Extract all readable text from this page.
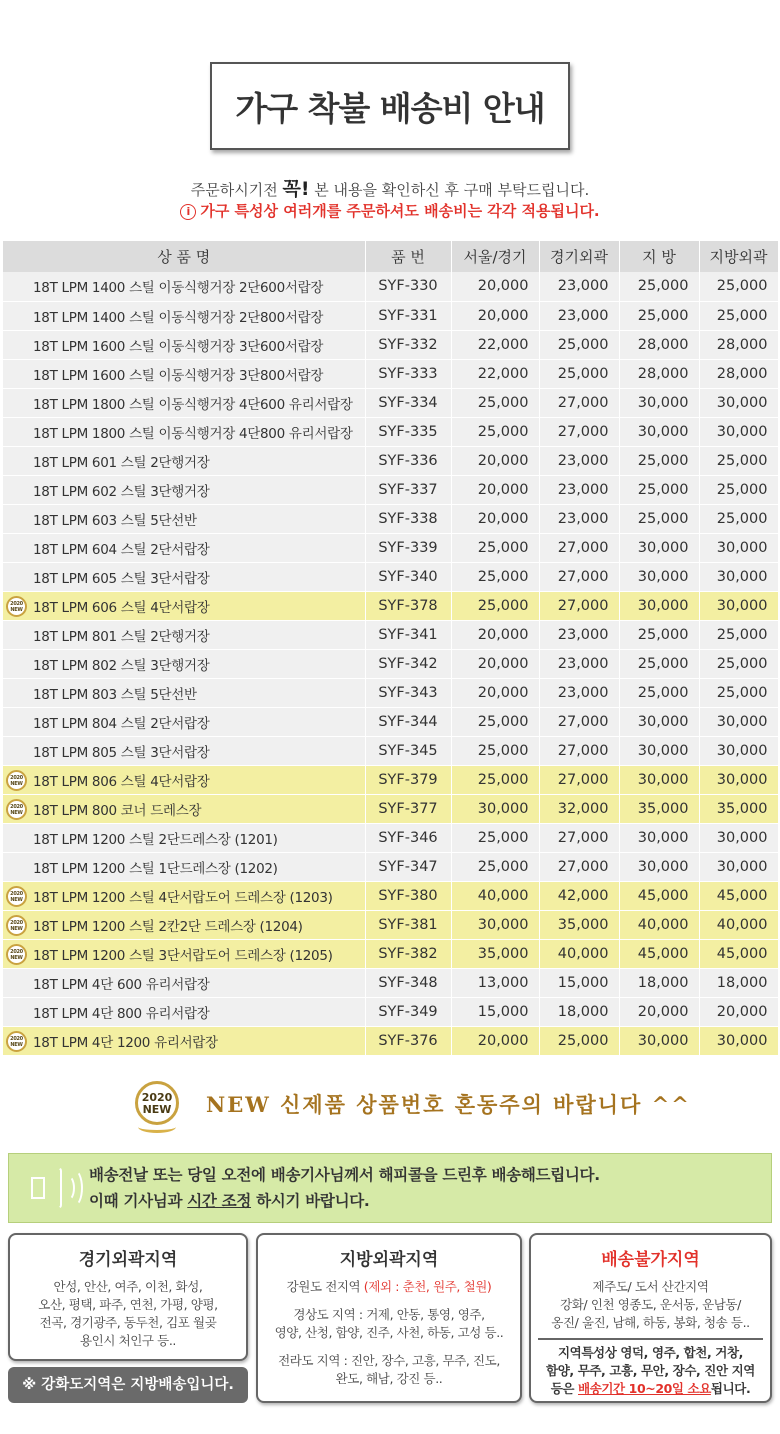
가구 착불 배송비 안내
주문하시기전 꼭! 본 내용을 확인하신 후 구매 부탁드립니다.
i 가구 특성상 여러개를 주문하셔도 배송비는 각각 적용됩니다.
상 품 명	품 번	서울/경기	경기외곽	지 방	지방외곽
18T LPM 1400 스틸 이동식행거장 2단600서랍장	SYF-330	20,000	23,000	25,000	25,000
18T LPM 1400 스틸 이동식행거장 2단800서랍장	SYF-331	20,000	23,000	25,000	25,000
18T LPM 1600 스틸 이동식행거장 3단600서랍장	SYF-332	22,000	25,000	28,000	28,000
18T LPM 1600 스틸 이동식행거장 3단800서랍장	SYF-333	22,000	25,000	28,000	28,000
18T LPM 1800 스틸 이동식행거장 4단600 유리서랍장	SYF-334	25,000	27,000	30,000	30,000
18T LPM 1800 스틸 이동식행거장 4단800 유리서랍장	SYF-335	25,000	27,000	30,000	30,000
18T LPM 601 스틸 2단행거장	SYF-336	20,000	23,000	25,000	25,000
18T LPM 602 스틸 3단행거장	SYF-337	20,000	23,000	25,000	25,000
18T LPM 603 스틸 5단선반	SYF-338	20,000	23,000	25,000	25,000
18T LPM 604 스틸 2단서랍장	SYF-339	25,000	27,000	30,000	30,000
18T LPM 605 스틸 3단서랍장	SYF-340	25,000	27,000	30,000	30,000

2020
NEW 18T LPM 606 스틸 4단서랍장	SYF-378	25,000	27,000	30,000	30,000
18T LPM 801 스틸 2단행거장	SYF-341	20,000	23,000	25,000	25,000
18T LPM 802 스틸 3단행거장	SYF-342	20,000	23,000	25,000	25,000
18T LPM 803 스틸 5단선반	SYF-343	20,000	23,000	25,000	25,000
18T LPM 804 스틸 2단서랍장	SYF-344	25,000	27,000	30,000	30,000
18T LPM 805 스틸 3단서랍장	SYF-345	25,000	27,000	30,000	30,000

2020
NEW 18T LPM 806 스틸 4단서랍장	SYF-379	25,000	27,000	30,000	30,000

2020
NEW 18T LPM 800 코너 드레스장	SYF-377	30,000	32,000	35,000	35,000
18T LPM 1200 스틸 2단드레스장 (1201)	SYF-346	25,000	27,000	30,000	30,000
18T LPM 1200 스틸 1단드레스장 (1202)	SYF-347	25,000	27,000	30,000	30,000

2020
NEW 18T LPM 1200 스틸 4단서랍도어 드레스장 (1203)	SYF-380	40,000	42,000	45,000	45,000

2020
NEW 18T LPM 1200 스틸 2칸2단 드레스장 (1204)	SYF-381	30,000	35,000	40,000	40,000

2020
NEW 18T LPM 1200 스틸 3단서랍도어 드레스장 (1205)	SYF-382	35,000	40,000	45,000	45,000
18T LPM 4단 600 유리서랍장	SYF-348	13,000	15,000	18,000	18,000
18T LPM 4단 800 유리서랍장	SYF-349	15,000	18,000	20,000	20,000

2020
NEW 18T LPM 4단 1200 유리서랍장	SYF-376	20,000	25,000	30,000	30,000
2020
NEW NEW 신제품 상품번호 혼동주의 바랍니다 ^^
배송전날 또는 당일 오전에 배송기사님께서 해피콜을 드린후 배송해드립니다.
이때 기사님과 시간 조정 하시기 바랍니다.
경기외곽지역

안성, 안산, 여주, 이천, 화성,

오산, 평택, 파주, 연천, 가평, 양평,

전곡, 경기광주, 동두천, 김포 월곶

용인시 처인구 등..

※ 강화도지역은 지방배송입니다.
지방외곽지역

강원도 전지역 (제외 : 춘천, 원주, 철원)

경상도 지역 : 거제, 안동, 통영, 영주,

영양, 산청, 함양, 진주, 사천, 하동, 고성 등..

전라도 지역 : 진안, 장수, 고흥, 무주, 진도,

완도, 해남, 강진 등..

배송불가지역

제주도/ 도서 산간지역

강화/ 인천 영종도, 운서동, 운남동/

옹진/ 울진, 남해, 하동, 봉화, 청송 등..

지역특성상 영덕, 영주, 합천, 거창,

함양, 무주, 고흥, 무안, 장수, 진안 지역

등은 배송기간 10~20일 소요됩니다.
